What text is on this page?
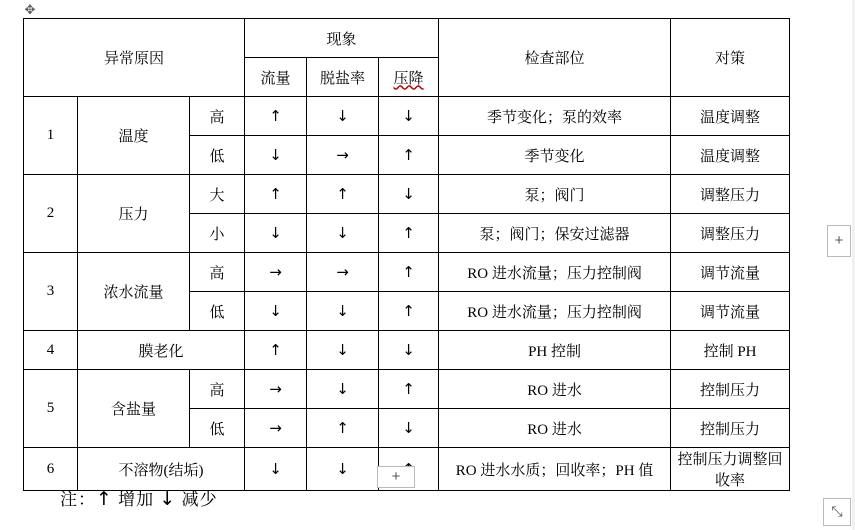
✥
异常原因			现象			检查部位	对策
			流量	脱盐率	压降		
1	温度	高	↑	↓	↓	季节变化；泵的效率	温度调整
		低	↓	→	↑	季节变化	温度调整
2	压力	大	↑	↑	↓	泵；阀门	调整压力
		小	↓	↓	↑	泵；阀门；保安过滤器	调整压力
3	浓水流量	高	→	→	↑	RO 进水流量；压力控制阀	调节流量
		低	↓	↓	↑	RO 进水流量；压力控制阀	调节流量
4	膜老化		↑	↓	↓	PH 控制	控制 PH
5	含盐量	高	→	↓	↑	RO 进水	控制压力
		低	→	↑	↓	RO 进水	控制压力
6	不溶物(结垢)		↓	↓		RO 进水水质；回收率；PH 值	控制压力调整回收率
注：↑ 增加 ↓ 减少
+
+
⤡
